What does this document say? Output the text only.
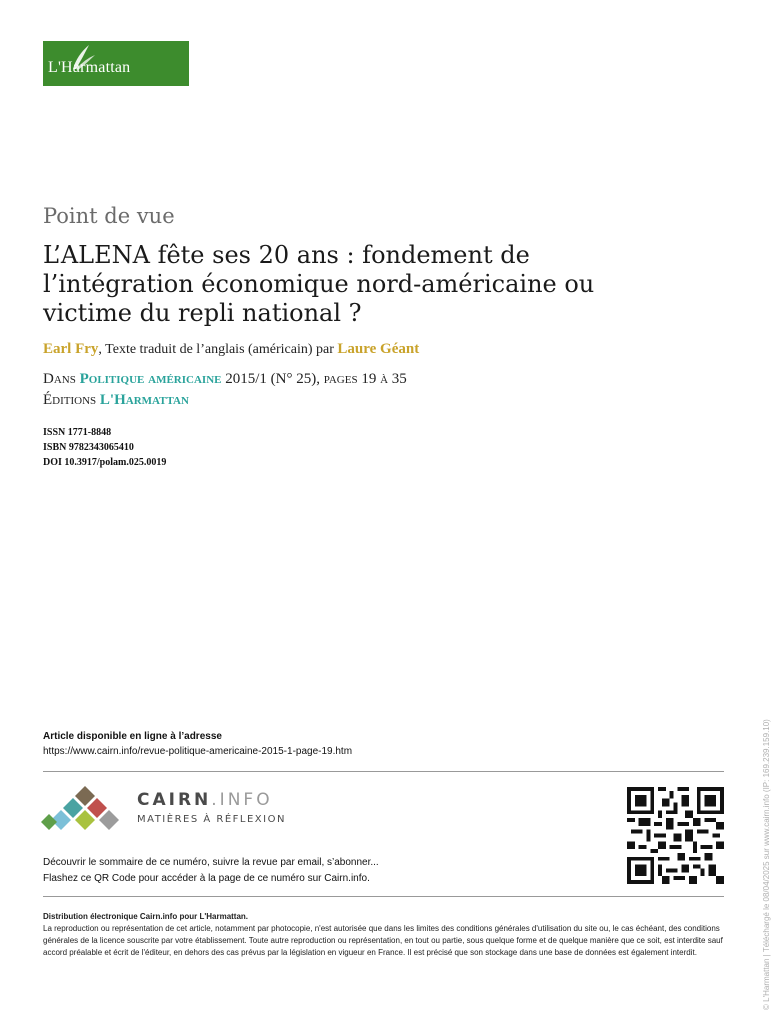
L'Harmattan
Point de vue
L’ALENA fête ses 20 ans : fondement de l’intégration économique nord-américaine ou victime du repli national ?
Earl Fry, Texte traduit de l’anglais (américain) par Laure Géant
Dans Politique américaine 2015/1 (N° 25), pages 19 à 35
Éditions L'Harmattan
ISSN 1771-8848
ISBN 9782343065410
DOI 10.3917/polam.025.0019
Article disponible en ligne à l’adresse
https://www.cairn.info/revue-politique-americaine-2015-1-page-19.htm
CAIRN.INFO
MATIÈRES À RÉFLEXION
Découvrir le sommaire de ce numéro, suivre la revue par email, s’abonner...
Flashez ce QR Code pour accéder à la page de ce numéro sur Cairn.info.
Distribution électronique Cairn.info pour L'Harmattan.
La reproduction ou représentation de cet article, notamment par photocopie, n'est autorisée que dans les limites des conditions générales d'utilisation du site ou, le cas échéant, des conditions générales de la licence souscrite par votre établissement. Toute autre reproduction ou représentation, en tout ou partie, sous quelque forme et de quelque manière que ce soit, est interdite sauf accord préalable et écrit de l'éditeur, en dehors des cas prévus par la législation en vigueur en France. Il est précisé que son stockage dans une base de données est également interdit.	© L'Harmattan | Téléchargé le 08/04/2025 sur www.cairn.info (IP: 169.239.159.10)
